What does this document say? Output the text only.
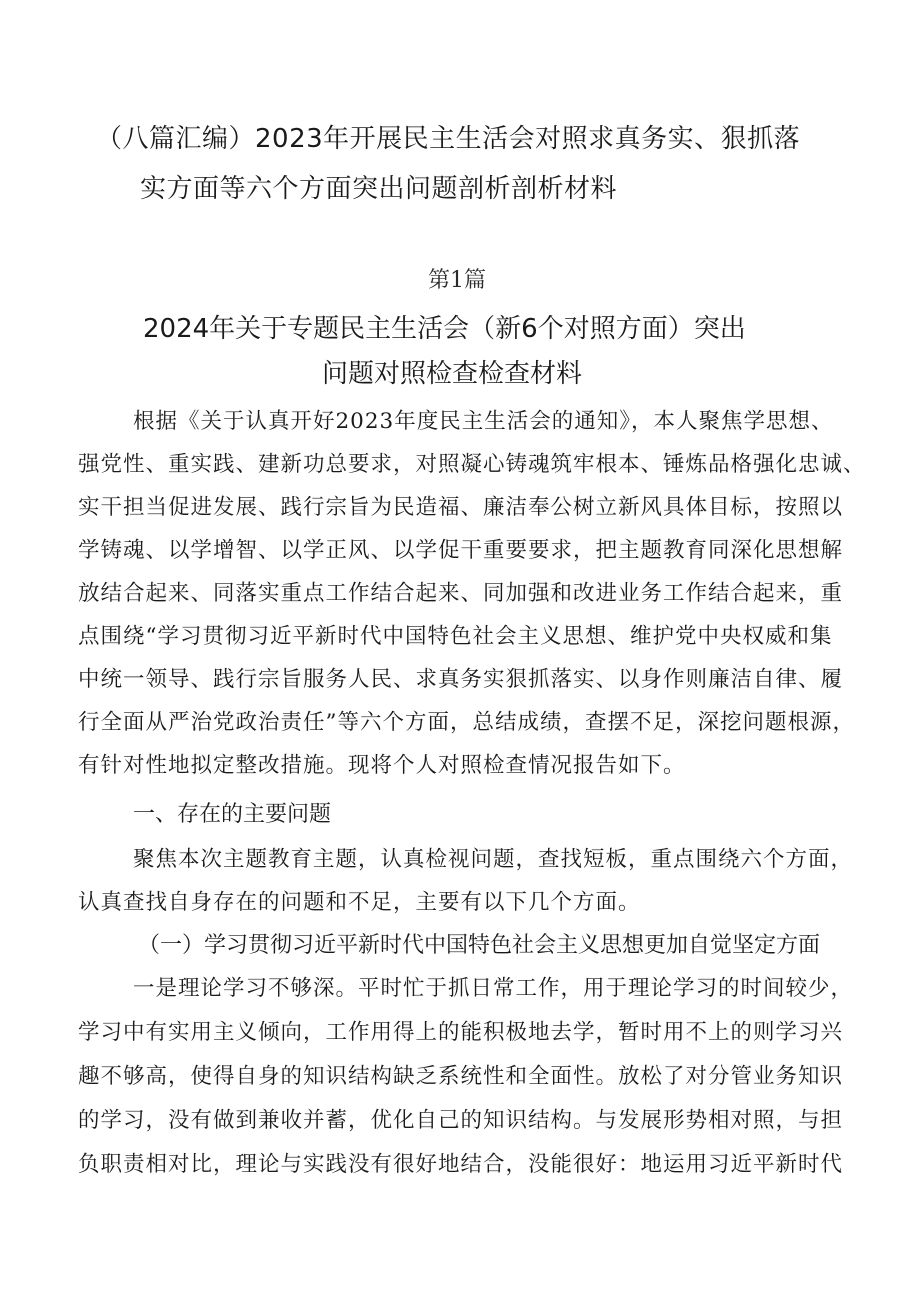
（八篇汇编）2023年开展民主生活会对照求真务实、狠抓落
实方面等六个方面突出问题剖析剖析材料
第1篇
2024年关于专题民主生活会（新6个对照方面）突出
问题对照检查检查材料
根据《关于认真开好2023年度民主生活会的通知》，本人聚焦学思想、
强党性、重实践、建新功总要求，对照凝心铸魂筑牢根本、锤炼品格强化忠诚、
实干担当促进发展、践行宗旨为民造福、廉洁奉公树立新风具体目标，按照以
学铸魂、以学增智、以学正风、以学促干重要要求，把主题教育同深化思想解
放结合起来、同落实重点工作结合起来、同加强和改进业务工作结合起来，重
点围绕“学习贯彻习近平新时代中国特色社会主义思想、维护党中央权威和集
中统一领导、践行宗旨服务人民、求真务实狠抓落实、以身作则廉洁自律、履
行全面从严治党政治责任”等六个方面，总结成绩，查摆不足，深挖问题根源，
有针对性地拟定整改措施。现将个人对照检查情况报告如下。
一、存在的主要问题
聚焦本次主题教育主题，认真检视问题，查找短板，重点围绕六个方面，
认真查找自身存在的问题和不足，主要有以下几个方面。
（一）学习贯彻习近平新时代中国特色社会主义思想更加自觉坚定方面
一是理论学习不够深。平时忙于抓日常工作，用于理论学习的时间较少，
学习中有实用主义倾向，工作用得上的能积极地去学，暂时用不上的则学习兴
趣不够高，使得自身的知识结构缺乏系统性和全面性。放松了对分管业务知识
的学习，没有做到兼收并蓄，优化自己的知识结构。与发展形势相对照，与担
负职责相对比，理论与实践没有很好地结合，没能很好：地运用习近平新时代
